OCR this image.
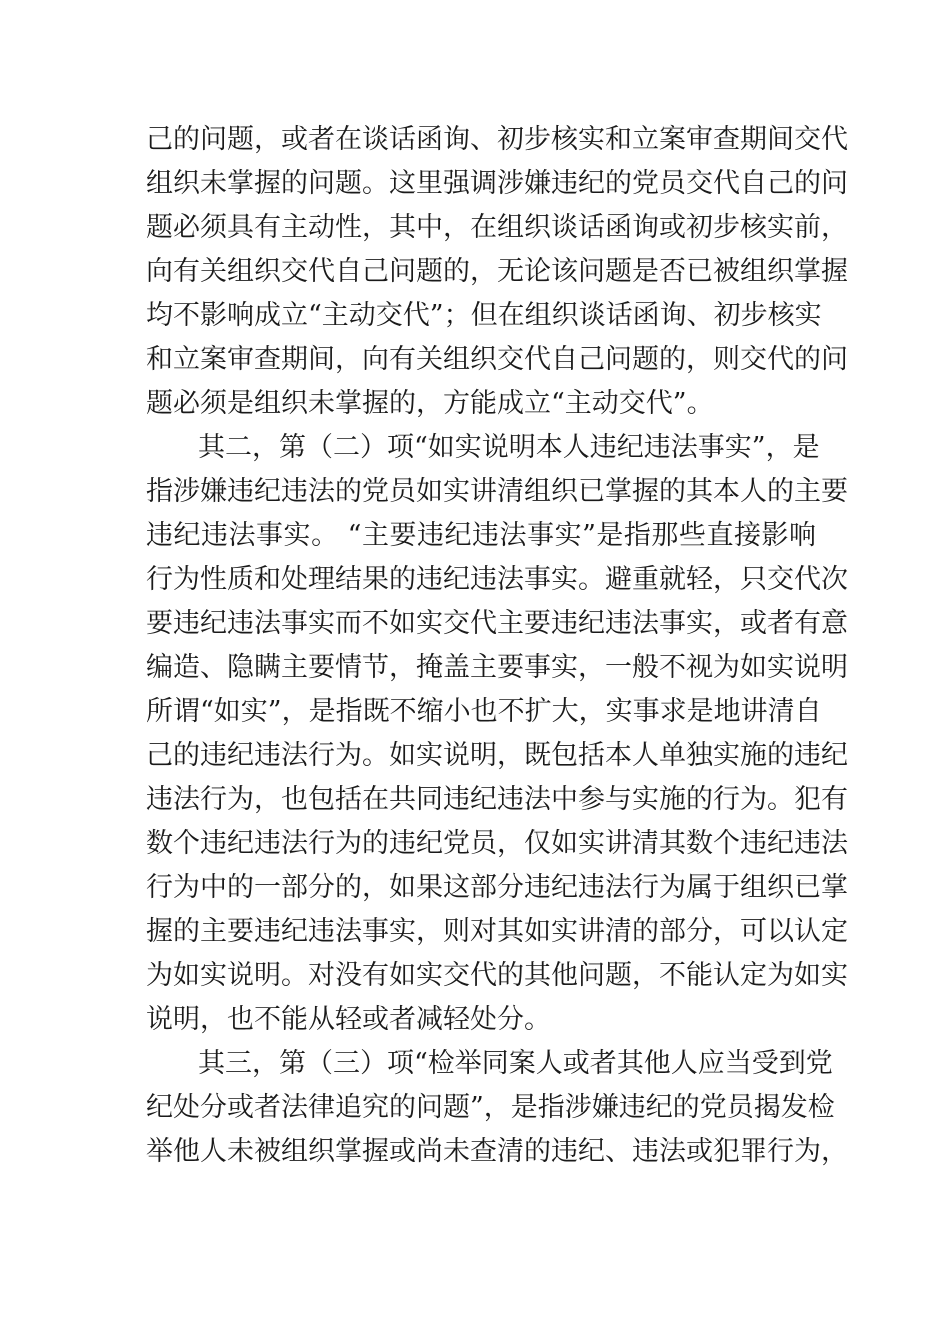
己的问题，或者在谈话函询、初步核实和立案审查期间交代
组织未掌握的问题。这里强调涉嫌违纪的党员交代自己的问
题必须具有主动性，其中，在组织谈话函询或初步核实前，
向有关组织交代自己问题的，无论该问题是否已被组织掌握
均不影响成立“主动交代”；但在组织谈话函询、初步核实
和立案审查期间，向有关组织交代自己问题的，则交代的问
题必须是组织未掌握的，方能成立“主动交代”。
其二，第（二）项“如实说明本人违纪违法事实”，是
指涉嫌违纪违法的党员如实讲清组织已掌握的其本人的主要
违纪违法事实。 “主要违纪违法事实”是指那些直接影响
行为性质和处理结果的违纪违法事实。避重就轻，只交代次
要违纪违法事实而不如实交代主要违纪违法事实，或者有意
编造、隐瞒主要情节，掩盖主要事实，一般不视为如实说明
所谓“如实”，是指既不缩小也不扩大，实事求是地讲清自
己的违纪违法行为。如实说明，既包括本人单独实施的违纪
违法行为，也包括在共同违纪违法中参与实施的行为。犯有
数个违纪违法行为的违纪党员，仅如实讲清其数个违纪违法
行为中的一部分的，如果这部分违纪违法行为属于组织已掌
握的主要违纪违法事实，则对其如实讲清的部分，可以认定
为如实说明。对没有如实交代的其他问题，不能认定为如实
说明，也不能从轻或者减轻处分。
其三，第（三）项“检举同案人或者其他人应当受到党
纪处分或者法律追究的问题”，是指涉嫌违纪的党员揭发检
举他人未被组织掌握或尚未查清的违纪、违法或犯罪行为，
